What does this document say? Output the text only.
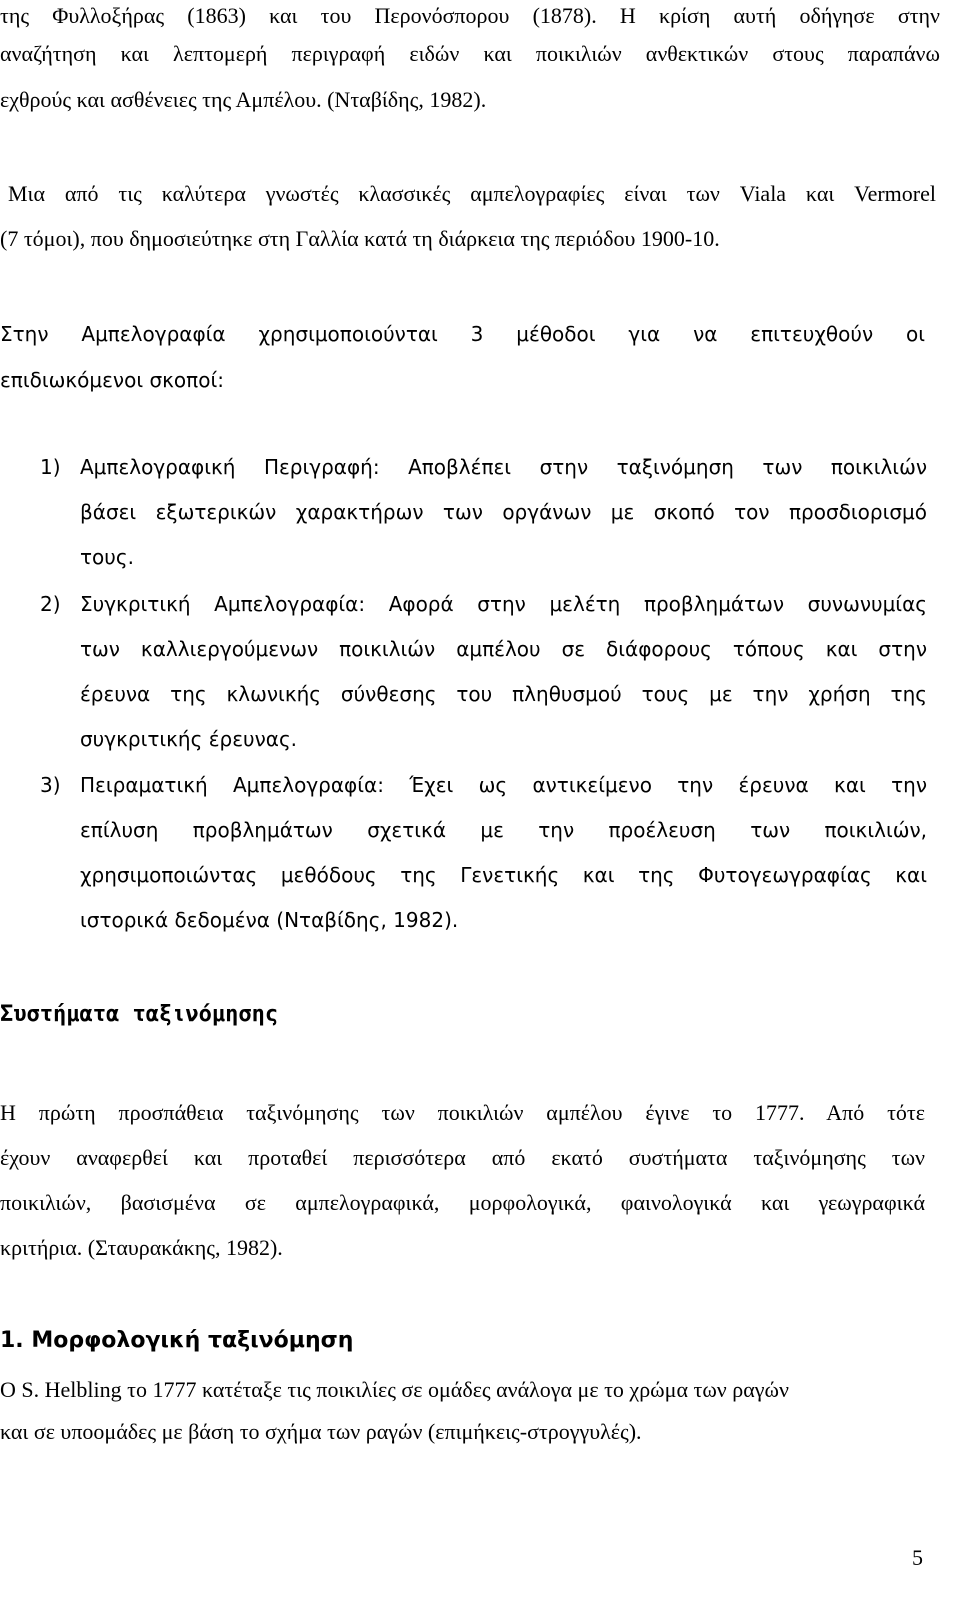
της Φυλλοξήρας (1863) και του Περονόσπορου (1878). Η κρίση αυτή οδήγησε στην
αναζήτηση και λεπτομερή περιγραφή ειδών και ποικιλιών ανθεκτικών στους παραπάνω
εχθρούς και ασθένειες της Αμπέλου. (Νταβίδης, 1982).
Μια από τις καλύτερα γνωστές κλασσικές αμπελογραφίες είναι των Viala και Vermorel
(7 τόμοι), που δημοσιεύτηκε στη Γαλλία κατά τη διάρκεια της περιόδου 1900-10.
Στην Αμπελογραφία χρησιμοποιούνται 3 μέθοδοι για να επιτευχθούν οι
επιδιωκόμενοι σκοποί:
1) Αμπελογραφική Περιγραφή: Αποβλέπει στην ταξινόμηση των ποικιλιών
βάσει εξωτερικών χαρακτήρων των οργάνων με σκοπό τον προσδιορισμό
τους.
2) Συγκριτική Αμπελογραφία: Αφορά στην μελέτη προβλημάτων συνωνυμίας
των καλλιεργούμενων ποικιλιών αμπέλου σε διάφορους τόπους και στην
έρευνα της κλωνικής σύνθεσης του πληθυσμού τους με την χρήση της
συγκριτικής έρευνας.
3) Πειραματική Αμπελογραφία: Έχει ως αντικείμενο την έρευνα και την
επίλυση προβλημάτων σχετικά με την προέλευση των ποικιλιών,
χρησιμοποιώντας μεθόδους της Γενετικής και της Φυτογεωγραφίας και
ιστορικά δεδομένα (Νταβίδης, 1982).
Συστήματα ταξινόμησης
Η πρώτη προσπάθεια ταξινόμησης των ποικιλιών αμπέλου έγινε το 1777. Από τότε
έχουν αναφερθεί και προταθεί περισσότερα από εκατό συστήματα ταξινόμησης των
ποικιλιών, βασισμένα σε αμπελογραφικά, μορφολογικά, φαινολογικά και γεωγραφικά
κριτήρια. (Σταυρακάκης, 1982).
1. Μορφολογική ταξινόμηση
Ο S. Helbling το 1777 κατέταξε τις ποικιλίες σε ομάδες ανάλογα με το χρώμα των ραγών
και σε υποομάδες με βάση το σχήμα των ραγών (επιμήκεις-στρογγυλές).
5
